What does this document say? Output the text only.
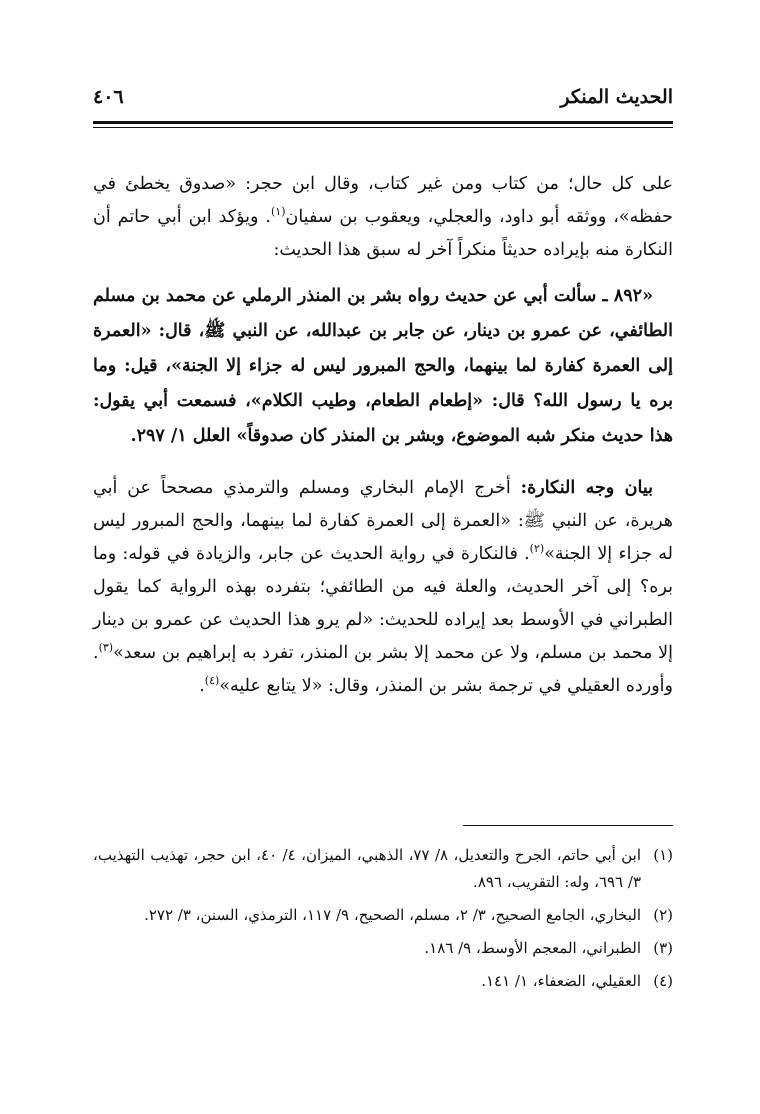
الحديث المنكر
٤٠٦

على كل حال؛ من كتاب ومن غير كتاب، وقال ابن حجر: «صدوق يخطئ في حفظه»، ووثقه أبو داود، والعجلي، ويعقوب بن سفيان$^{(١)}$. ويؤكد ابن أبي حاتم أن النكارة منه بإيراده حديثاً منكراً آخر له سبق هذا الحديث:

«٨٩٢ ـ سألت أبي عن حديث رواه بشر بن المنذر الرملي عن محمد بن مسلم الطائفي، عن عمرو بن دينار، عن جابر بن عبدالله، عن النبي ﷺ، قال: «العمرة إلى العمرة كفارة لما بينهما، والحج المبرور ليس له جزاء إلا الجنة»، قيل: وما بره يا رسول الله؟ قال: «إطعام الطعام، وطيب الكلام»، فسمعت أبي يقول: هذا حديث منكر شبه الموضوع، وبشر بن المنذر كان صدوقاً» العلل ١/ ٢٩٧.

بيان وجه النكارة: أخرج الإمام البخاري ومسلم والترمذي مصححاً عن أبي هريرة، عن النبي ﷺ: «العمرة إلى العمرة كفارة لما بينهما، والحج المبرور ليس له جزاء إلا الجنة»$^{(٢)}$. فالنكارة في رواية الحديث عن جابر، والزيادة في قوله: وما بره؟ إلى آخر الحديث، والعلة فيه من الطائفي؛ بتفرده بهذه الرواية كما يقول الطبراني في الأوسط بعد إيراده للحديث: «لم يرو هذا الحديث عن عمرو بن دينار إلا محمد بن مسلم، ولا عن محمد إلا بشر بن المنذر، تفرد به إبراهيم بن سعد»$^{(٣)}$. وأورده العقيلي في ترجمة بشر بن المنذر، وقال: «لا يتابع عليه»$^{(٤)}$.

(١)
ابن أبي حاتم، الجرح والتعديل، ٨/ ٧٧، الذهبي، الميزان، ٤/ ٤٠، ابن حجر، تهذيب التهذيب، ٣/ ٦٩٦، وله: التقريب، ٨٩٦.
(٢)
البخاري، الجامع الصحيح، ٣/ ٢، مسلم، الصحيح، ٩/ ١١٧، الترمذي، السنن، ٣/ ٢٧٢.
(٣)
الطبراني، المعجم الأوسط، ٩/ ١٨٦.
(٤)
العقيلي، الضعفاء، ١/ ١٤١.
